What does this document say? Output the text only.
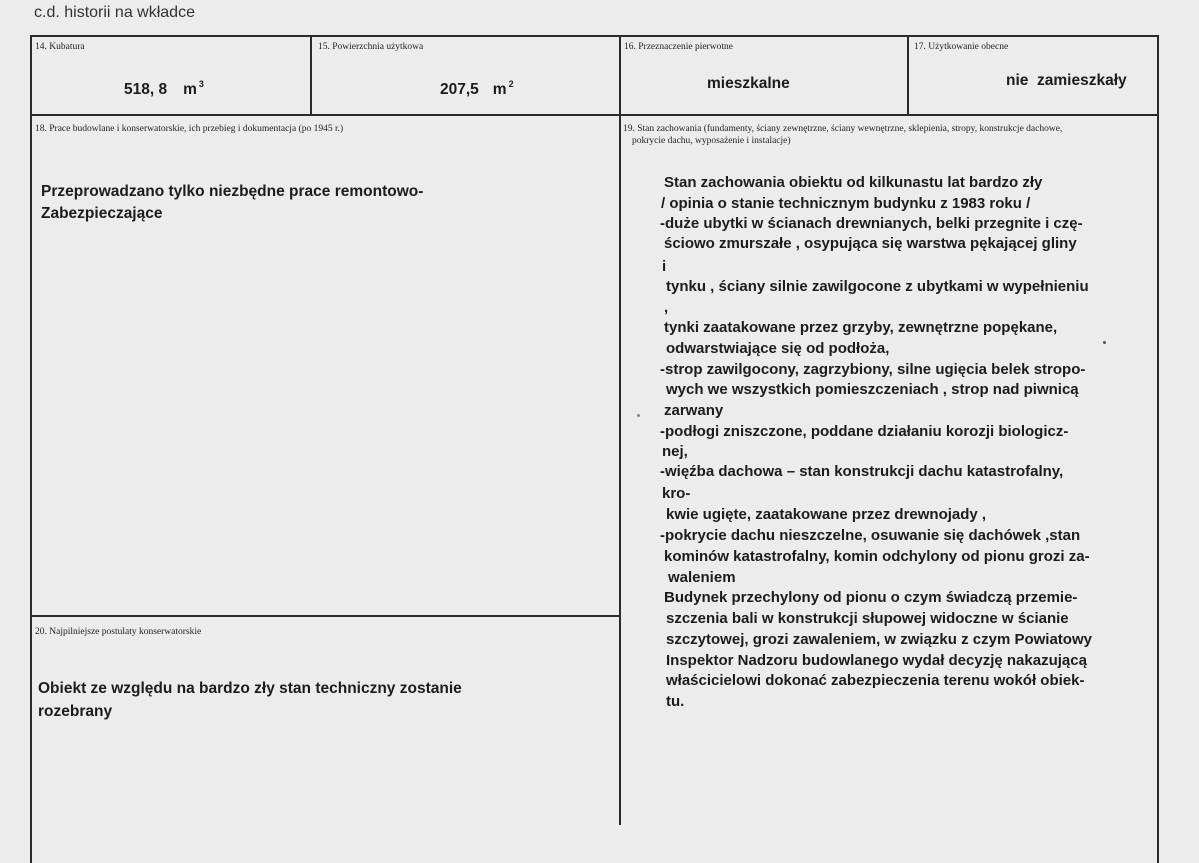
c.d. historii na wkładce
14. Kubatura
518, 8 m $^3$
15. Powierzchnia użytkowa
207,5 m $^2$
16. Przeznaczenie pierwotne
mieszkalne
17. Użytkowanie obecne
nie  zamieszkały
18. Prace budowlane i konserwatorskie, ich przebieg i dokumentacja (po 1945 r.)
Przeprowadzano tylko niezbędne prace remontowo-
Zabezpieczające
20. Najpilniejsze postulaty konserwatorskie
Obiekt ze względu na bardzo zły stan techniczny zostanie
rozebrany
19. Stan zachowania (fundamenty, ściany zewnętrzne, ściany wewnętrzne, sklepienia, stropy, konstrukcje dachowe,
pokrycie dachu, wyposażenie i instalacje)
Stan zachowania obiektu od kilkunastu lat bardzo zły
/ opinia o stanie technicznym budynku z 1983 roku /
-duże ubytki w ścianach drewnianych, belki przegnite i czę-
ściowo zmurszałe , osypująca się warstwa pękającej gliny
i
tynku , ściany silnie zawilgocone z ubytkami w wypełnieniu
,
tynki zaatakowane przez grzyby, zewnętrzne popękane,
odwarstwiające się od podłoża,
-strop zawilgocony, zagrzybiony, silne ugięcia belek stropo-
wych we wszystkich pomieszczeniach , strop nad piwnicą
zarwany
-podłogi zniszczone, poddane działaniu korozji biologicz-
nej,
-więźba dachowa – stan konstrukcji dachu katastrofalny,
kro-
kwie ugięte, zaatakowane przez drewnojady ,
-pokrycie dachu nieszczelne, osuwanie się dachówek ,stan
kominów katastrofalny, komin odchylony od pionu grozi za-
waleniem
Budynek przechylony od pionu o czym świadczą przemie-
szczenia bali w konstrukcji słupowej widoczne w ścianie
szczytowej, grozi zawaleniem, w związku z czym Powiatowy
Inspektor Nadzoru budowlanego wydał decyzję nakazującą
właścicielowi dokonać zabezpieczenia terenu wokół obiek-
tu.
